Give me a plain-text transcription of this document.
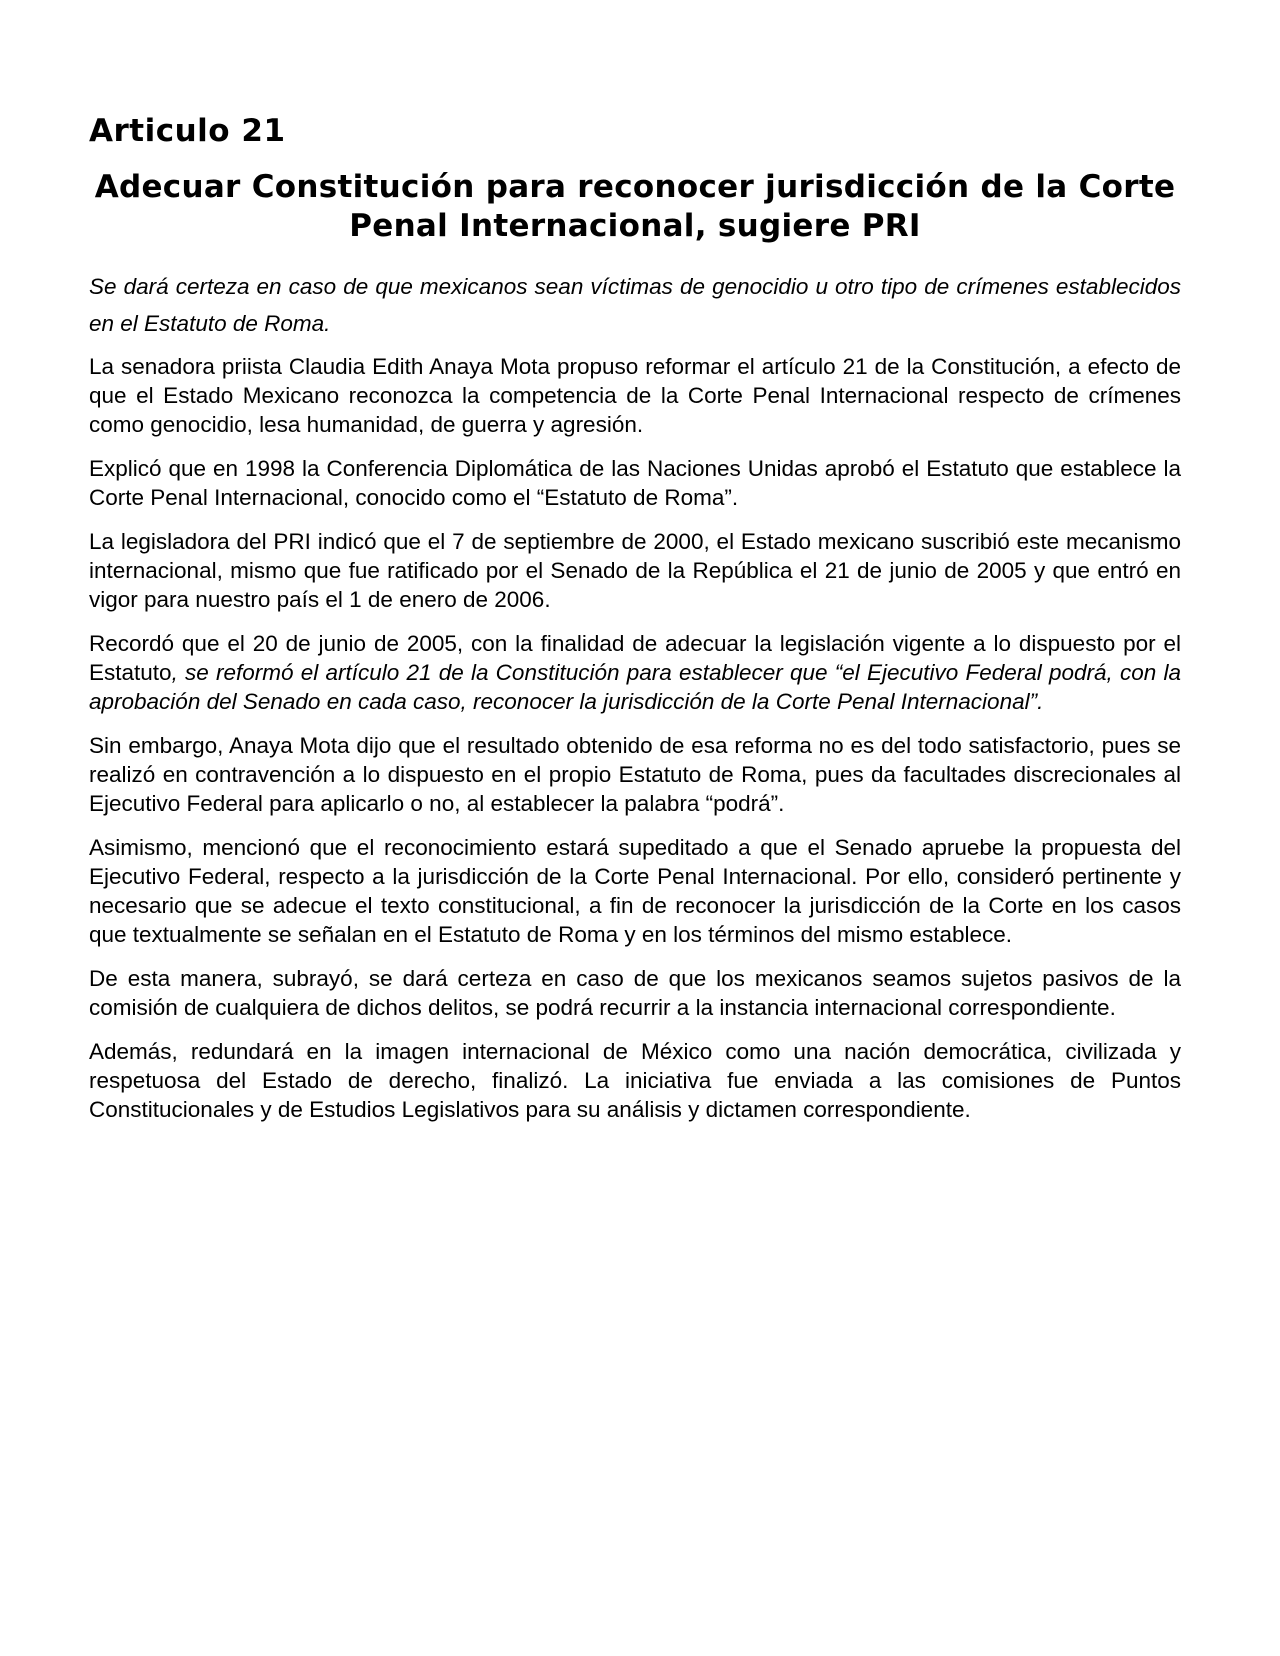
Articulo 21
Adecuar Constitución para reconocer jurisdicción de la Corte Penal Internacional, sugiere PRI

Se dará certeza en caso de que mexicanos sean víctimas de genocidio u otro tipo de crímenes establecidos en el Estatuto de Roma.

La senadora priista Claudia Edith Anaya Mota propuso reformar el artículo 21 de la Constitución, a efecto de que el Estado Mexicano reconozca la competencia de la Corte Penal Internacional respecto de crímenes como genocidio, lesa humanidad, de guerra y agresión.

Explicó que en 1998 la Conferencia Diplomática de las Naciones Unidas aprobó el Estatuto que establece la Corte Penal Internacional, conocido como el “Estatuto de Roma”.

La legisladora del PRI indicó que el 7 de septiembre de 2000, el Estado mexicano suscribió este mecanismo internacional, mismo que fue ratificado por el Senado de la República el 21 de junio de 2005 y que entró en vigor para nuestro país el 1 de enero de 2006.

Recordó que el 20 de junio de 2005, con la finalidad de adecuar la legislación vigente a lo dispuesto por el Estatuto, se reformó el artículo 21 de la Constitución para establecer que “el Ejecutivo Federal podrá, con la aprobación del Senado en cada caso, reconocer la jurisdicción de la Corte Penal Internacional”.

Sin embargo, Anaya Mota dijo que el resultado obtenido de esa reforma no es del todo satisfactorio, pues se realizó en contravención a lo dispuesto en el propio Estatuto de Roma, pues da facultades discrecionales al Ejecutivo Federal para aplicarlo o no, al establecer la palabra “podrá”.

Asimismo, mencionó que el reconocimiento estará supeditado a que el Senado apruebe la propuesta del Ejecutivo Federal, respecto a la jurisdicción de la Corte Penal Internacional. Por ello, consideró pertinente y necesario que se adecue el texto constitucional, a fin de reconocer la jurisdicción de la Corte en los casos que textualmente se señalan en el Estatuto de Roma y en los términos del mismo establece.

De esta manera, subrayó, se dará certeza en caso de que los mexicanos seamos sujetos pasivos de la comisión de cualquiera de dichos delitos, se podrá recurrir a la instancia internacional correspondiente.

Además, redundará en la imagen internacional de México como una nación democrática, civilizada y respetuosa del Estado de derecho, finalizó. La iniciativa fue enviada a las comisiones de Puntos Constitucionales y de Estudios Legislativos para su análisis y dictamen correspondiente.
